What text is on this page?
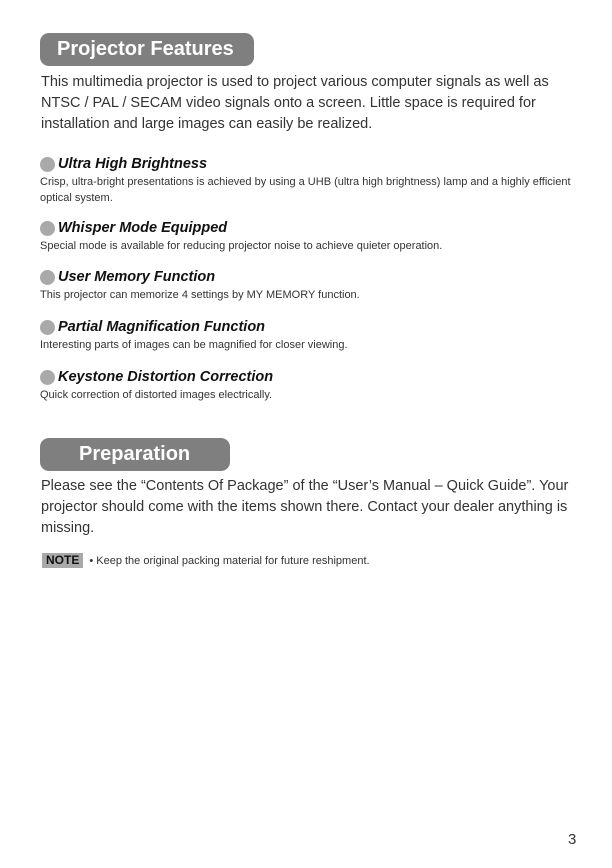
Projector Features

This multimedia projector is used to project various computer signals as well as NTSC / PAL / SECAM video signals onto a screen. Little space is required for installation and large images can easily be realized.

Ultra High Brightness
Crisp, ultra-bright presentations is achieved by using a UHB (ultra high brightness) lamp and a highly efficient optical system.
Whisper Mode Equipped
Special mode is available for reducing projector noise to achieve quieter operation.
User Memory Function
This projector can memorize 4 settings by MY MEMORY function.
Partial Magnification Function
Interesting parts of images can be magnified for closer viewing.
Keystone Distortion Correction
Quick correction of distorted images electrically.
Preparation

Please see the “Contents Of Package” of the “User’s Manual – Quick Guide”. Your projector should come with the items shown there. Contact your dealer anything is missing.

NOTE • Keep the original packing material for future reshipment.
3
